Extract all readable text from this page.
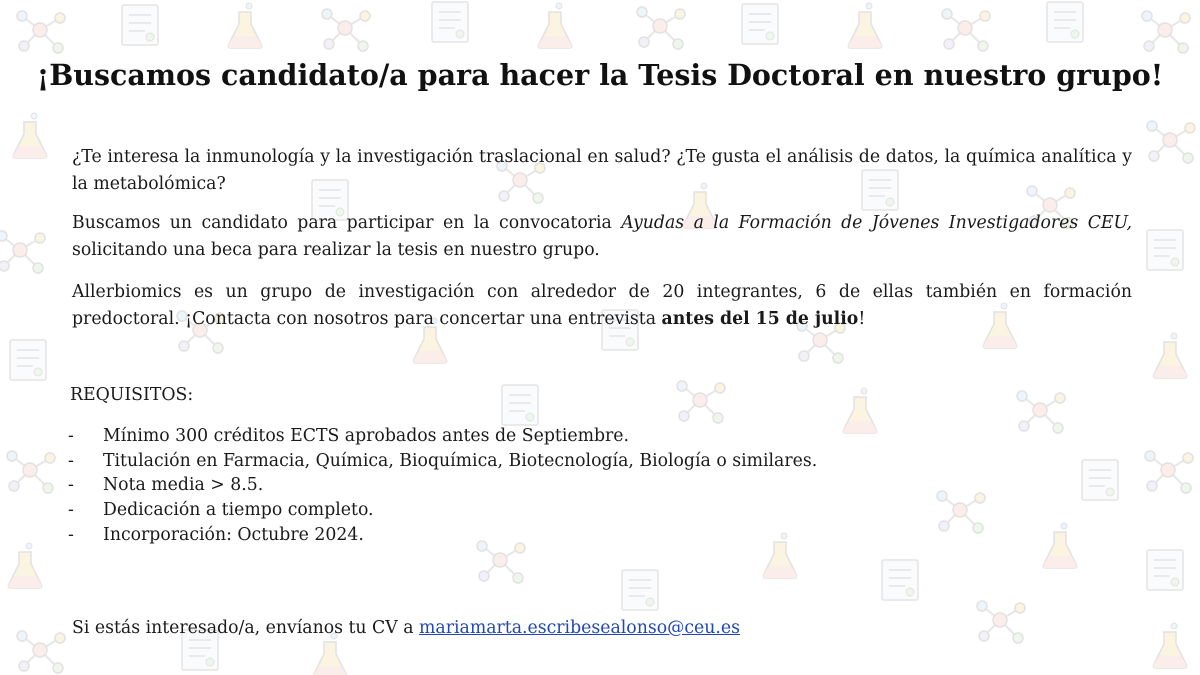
¡Buscamos candidato/a para hacer la Tesis Doctoral en nuestro grupo!
¿Te interesa la inmunología y la investigación traslacional en salud? ¿Te gusta el análisis de datos, la química analítica y la metabolómica?
Buscamos un candidato para participar en la convocatoria Ayudas a la Formación de Jóvenes Investigadores CEU, solicitando una beca para realizar la tesis en nuestro grupo.
Allerbiomics es un grupo de investigación con alrededor de 20 integrantes, 6 de ellas también en formación predoctoral. ¡Contacta con nosotros para concertar una entrevista antes del 15 de julio!
REQUISITOS:
- Mínimo 300 créditos ECTS aprobados antes de Septiembre.
- Titulación en Farmacia, Química, Bioquímica, Biotecnología, Biología o similares.
- Nota media > 8.5.
- Dedicación a tiempo completo.
- Incorporación: Octubre 2024.
Si estás interesado/a, envíanos tu CV a mariamarta.escribesealonso@ceu.es
